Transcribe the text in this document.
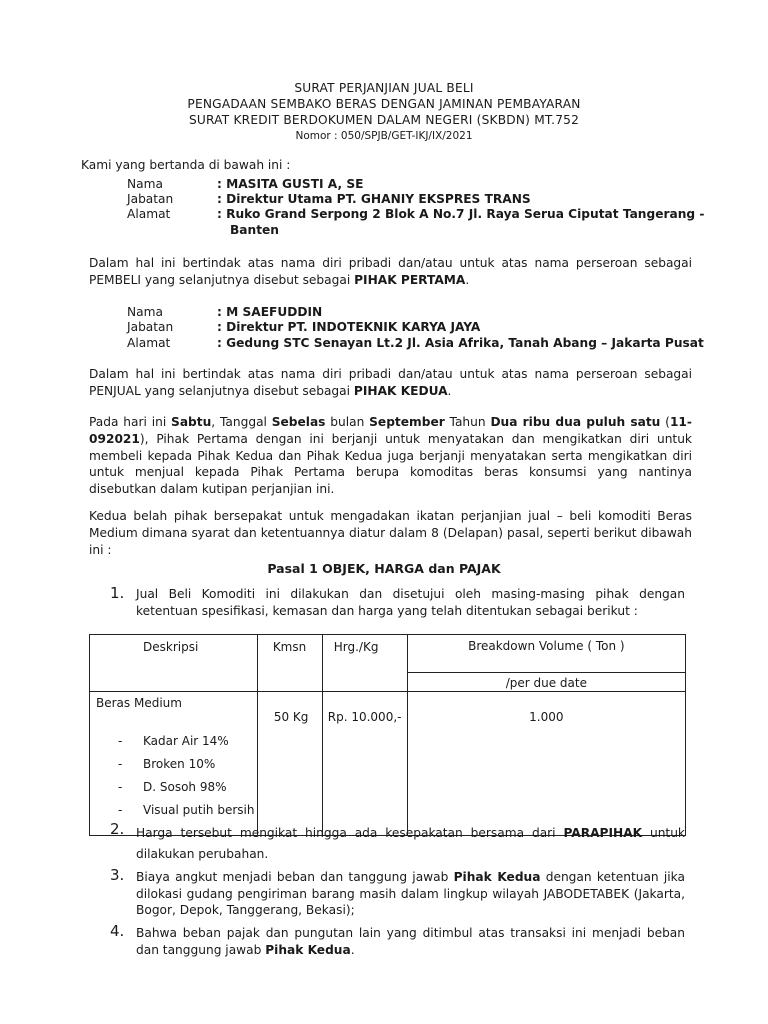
SURAT PERJANJIAN JUAL BELI
PENGADAAN SEMBAKO BERAS DENGAN JAMINAN PEMBAYARAN
SURAT KREDIT BERDOKUMEN DALAM NEGERI (SKBDN) MT.752
Nomor : 050/SPJB/GET-IKJ/IX/2021
Kami yang bertanda di bawah ini :
Nama	: MASITA GUSTI A, SE
Jabatan	: Direktur Utama PT. GHANIY EKSPRES TRANS
Alamat	: Ruko Grand Serpong 2 Blok A No.7 Jl. Raya Serua Ciputat Tangerang -
Banten
Dalam hal ini bertindak atas nama diri pribadi dan/atau untuk atas nama perseroan sebagai PEMBELI yang selanjutnya disebut sebagai PIHAK PERTAMA.
Nama	: M SAEFUDDIN
Jabatan	: Direktur PT. INDOTEKNIK KARYA JAYA
Alamat	: Gedung STC Senayan Lt.2 Jl. Asia Afrika, Tanah Abang – Jakarta Pusat
Dalam hal ini bertindak atas nama diri pribadi dan/atau untuk atas nama perseroan sebagai PENJUAL yang selanjutnya disebut sebagai PIHAK KEDUA.
Pada hari ini Sabtu, Tanggal Sebelas bulan September Tahun Dua ribu dua puluh satu (11-092021), Pihak Pertama dengan ini berjanji untuk menyatakan dan mengikatkan diri untuk membeli kepada Pihak Kedua dan Pihak Kedua juga berjanji menyatakan serta mengikatkan diri untuk menjual kepada Pihak Pertama berupa komoditas beras konsumsi yang nantinya disebutkan dalam kutipan perjanjian ini.
Kedua belah pihak bersepakat untuk mengadakan ikatan perjanjian jual – beli komoditi Beras Medium dimana syarat dan ketentuannya diatur dalam 8 (Delapan) pasal, seperti berikut dibawah ini :
Pasal 1 OBJEK, HARGA dan PAJAK
1. Jual Beli Komoditi ini dilakukan dan disetujui oleh masing-masing pihak dengan ketentuan spesifikasi, kemasan dan harga yang telah ditentukan sebagai berikut :
Deskripsi	Kmsn	Hrg./Kg	Breakdown Volume ( Ton )

			/per due date

Beras Medium
- Kadar Air 14%
- Broken 10%
- D. Sosoh 98%
- Visual putih bersih	50 Kg	Rp. 10.000,-	1.000
2. Harga tersebut mengikat hingga ada kesepakatan bersama dari PARAPIHAK untuk dilakukan perubahan.
3. Biaya angkut menjadi beban dan tanggung jawab Pihak Kedua dengan ketentuan jika dilokasi gudang pengiriman barang masih dalam lingkup wilayah JABODETABEK (Jakarta, Bogor, Depok, Tanggerang, Bekasi);
4. Bahwa beban pajak dan pungutan lain yang ditimbul atas transaksi ini menjadi beban dan tanggung jawab Pihak Kedua.
